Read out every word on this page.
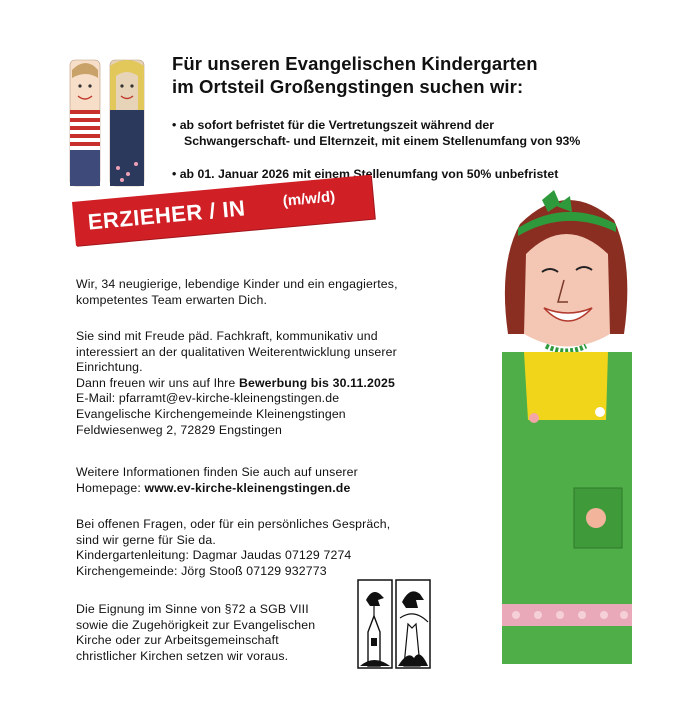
Für unseren Evangelischen Kindergarten
im Ortsteil Großengstingen suchen wir:
• ab sofort befristet für die Vertretungszeit während der
Schwangerschaft- und Elternzeit, mit einem Stellenumfang von 93%
• ab 01. Januar 2026 mit einem Stellenumfang von 50% unbefristet
ERZIEHER / IN (m/w/d)

Wir, 34 neugierige, lebendige Kinder und ein engagiertes,

kompetentes Team erwarten Dich.

Sie sind mit Freude päd. Fachkraft, kommunikativ und

interessiert an der qualitativen Weiterentwicklung unserer

Einrichtung.

Dann freuen wir uns auf Ihre Bewerbung bis 30.11.2025

E-Mail: pfarramt@ev-kirche-kleinengstingen.de

Evangelische Kirchengemeinde Kleinengstingen

Feldwiesenweg 2, 72829 Engstingen

Weitere Informationen finden Sie auch auf unserer

Homepage: www.ev-kirche-kleinengstingen.de

Bei offenen Fragen, oder für ein persönliches Gespräch,

sind wir gerne für Sie da.

Kindergartenleitung: Dagmar Jaudas 07129 7274

Kirchengemeinde: Jörg Stooß 07129 932773

Die Eignung im Sinne von §72 a SGB VIII

sowie die Zugehörigkeit zur Evangelischen

Kirche oder zur Arbeitsgemeinschaft

christlicher Kirchen setzen wir voraus.
